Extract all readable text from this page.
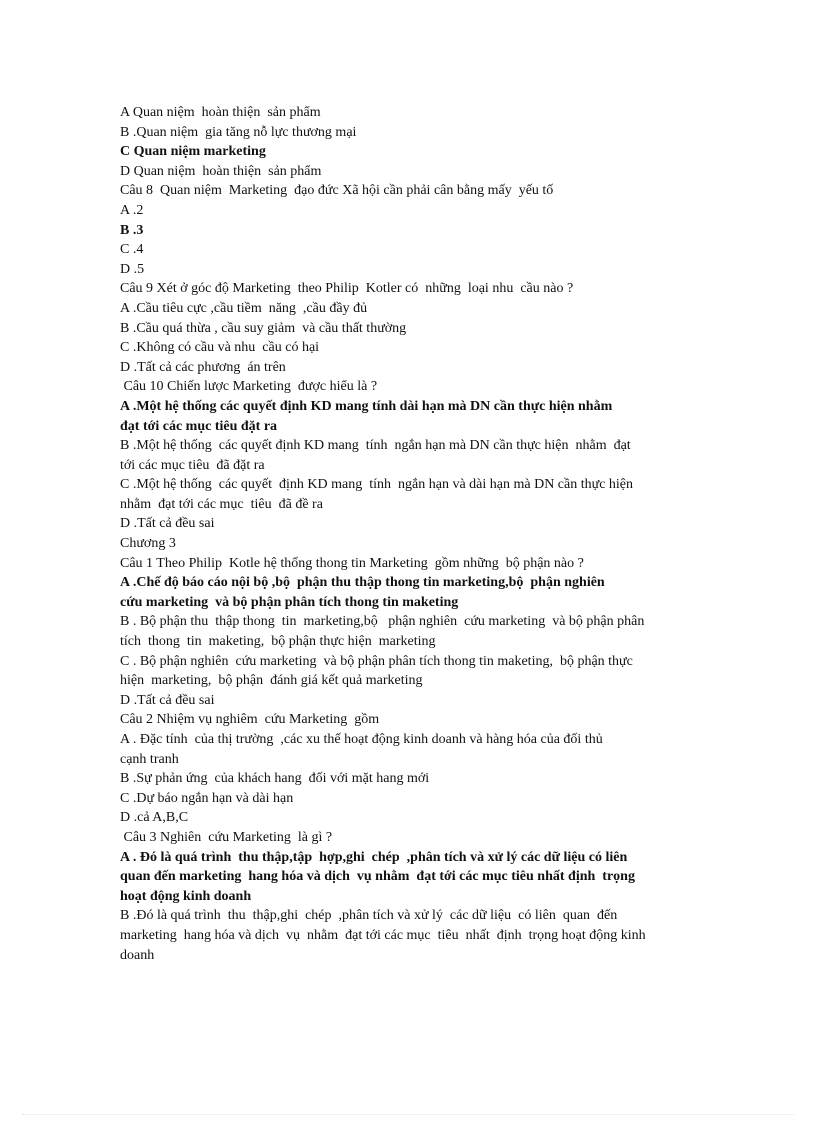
A Quan niệm  hoàn thiện  sản phẩm
B .Quan niệm  gia tăng nỗ lực thương mại
C Quan niệm marketing
D Quan niệm  hoàn thiện  sản phẩm
Câu 8  Quan niệm  Marketing  đạo đức Xã hội cần phải cân bằng mấy  yếu tố
A .2
B .3
C .4
D .5
Câu 9 Xét ở góc độ Marketing  theo Philip  Kotler có  những  loại nhu  cầu nào ?
A .Cầu tiêu cực ,cầu tiềm  năng  ,cầu đầy đủ
B .Cầu quá thừa , cầu suy giảm  và cầu thất thường
C .Không có cầu và nhu  cầu có hại
D .Tất cả các phương  án trên
Câu 10 Chiến lược Marketing  được hiểu là ?
A .Một hệ thống các quyết định KD mang tính dài hạn mà DN cần thực hiện nhằm
đạt tới các mục tiêu đặt ra
B .Một hệ thống  các quyết định KD mang  tính  ngắn hạn mà DN cần thực hiện  nhằm  đạt
tới các mục tiêu  đã đặt ra
C .Một hệ thống  các quyết  định KD mang  tính  ngắn hạn và dài hạn mà DN cần thực hiện
nhằm  đạt tới các mục  tiêu  đã đề ra
D .Tất cả đều sai
Chương 3
Câu 1 Theo Philip  Kotle hệ thống thong tin Marketing  gồm những  bộ phận nào ?
A .Chế độ báo cáo nội bộ ,bộ  phận thu thập thong tin marketing,bộ  phận nghiên
cứu marketing  và bộ phận phân tích thong tin maketing
B . Bộ phận thu  thập thong  tin  marketing,bộ   phận nghiên  cứu marketing  và bộ phận phân
tích  thong  tin  maketing,  bộ phận thực hiện  marketing
C . Bộ phận nghiên  cứu marketing  và bộ phận phân tích thong tin maketing,  bộ phận thực
hiện  marketing,  bộ phận  đánh giá kết quả marketing
D .Tất cả đều sai
Câu 2 Nhiệm vụ nghiêm  cứu Marketing  gồm
A . Đặc tính  của thị trường  ,các xu thế hoạt động kinh doanh và hàng hóa của đối thủ
cạnh tranh
B .Sự phản ứng  của khách hang  đối với mặt hang mới
C .Dự báo ngắn hạn và dài hạn
D .cả A,B,C
Câu 3 Nghiên  cứu Marketing  là gì ?
A . Đó là quá trình  thu thập,tập  hợp,ghi  chép  ,phân tích và xử lý các dữ liệu có liên
quan đến marketing  hang hóa và dịch  vụ nhằm  đạt tới các mục tiêu nhất định  trọng
hoạt động kinh doanh
B .Đó là quá trình  thu  thập,ghi  chép  ,phân tích và xử lý  các dữ liệu  có liên  quan  đến
marketing  hang hóa và dịch  vụ  nhằm  đạt tới các mục  tiêu  nhất  định  trọng hoạt động kinh
doanh
